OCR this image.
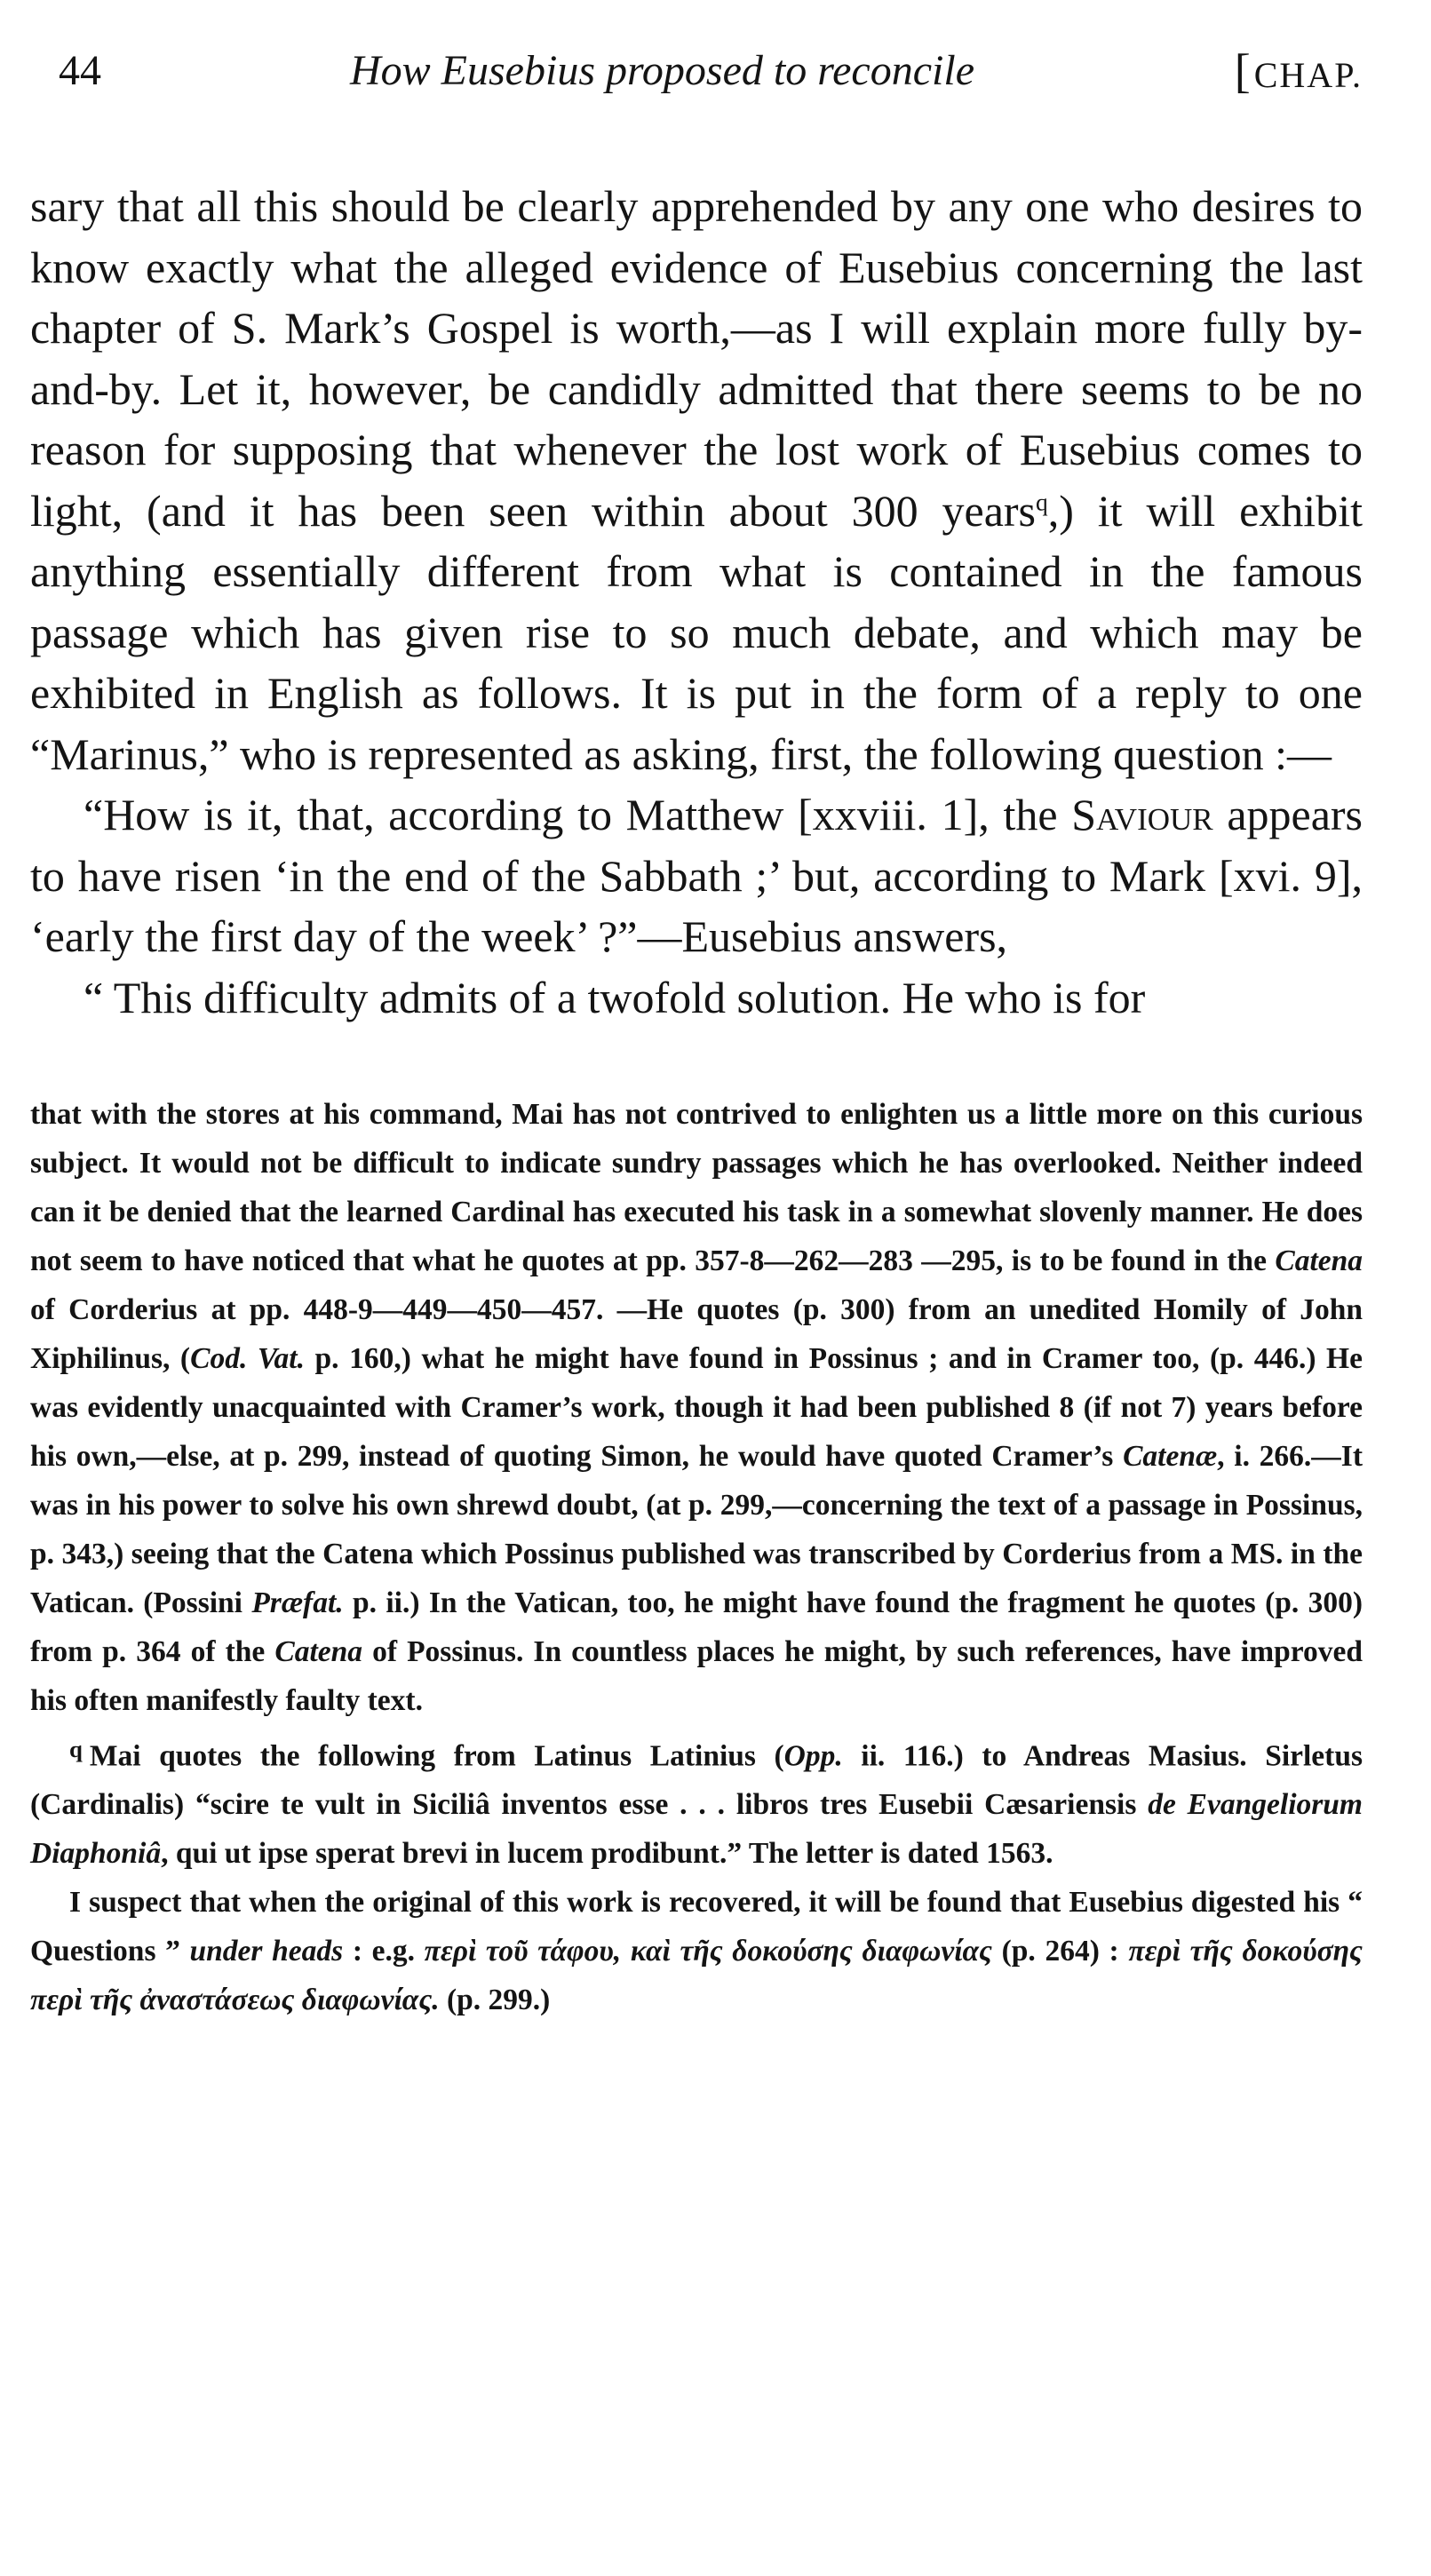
44	How Eusebius proposed to reconcile	[CHAP.

sary that all this should be clearly apprehended by any one who desires to know exactly what the alleged evidence of Eusebius concerning the last chapter of S. Mark’s Gospel is worth,—as I will explain more fully by-and-by. Let it, however, be candidly admitted that there seems to be no reason for supposing that whenever the lost work of Eusebius comes to light, (and it has been seen within about 300 years$^q$,) it will exhibit anything essentially different from what is contained in the famous passage which has given rise to so much debate, and which may be exhibited in English as follows. It is put in the form of a reply to one “Marinus,” who is represented as asking, first, the following question :—

“How is it, that, according to Matthew [xxviii. 1], the Saviour appears to have risen ‘in the end of the Sabbath ;’ but, according to Mark [xvi. 9], ‘early the first day of the week’ ?”—Eusebius answers,

“ This difficulty admits of a twofold solution. He who is for

that with the stores at his command, Mai has not contrived to enlighten us a little more on this curious subject. It would not be difficult to indicate sundry passages which he has overlooked. Neither indeed can it be denied that the learned Cardinal has executed his task in a somewhat slovenly manner. He does not seem to have noticed that what he quotes at pp. 357-8—262—283 —295, is to be found in the Catena of Corderius at pp. 448-9—449—450—457. —He quotes (p. 300) from an unedited Homily of John Xiphilinus, (Cod. Vat. p. 160,) what he might have found in Possinus ; and in Cramer too, (p. 446.) He was evidently unacquainted with Cramer’s work, though it had been published 8 (if not 7) years before his own,—else, at p. 299, instead of quoting Simon, he would have quoted Cramer’s Catenæ, i. 266.—It was in his power to solve his own shrewd doubt, (at p. 299,—concerning the text of a passage in Possinus, p. 343,) seeing that the Catena which Possinus published was transcribed by Corderius from a MS. in the Vatican. (Possini Præfat. p. ii.) In the Vatican, too, he might have found the fragment he quotes (p. 300) from p. 364 of the Catena of Possinus. In countless places he might, by such references, have improved his often manifestly faulty text.

$^q$ Mai quotes the following from Latinus Latinius (Opp. ii. 116.) to Andreas Masius. Sirletus (Cardinalis) “scire te vult in Siciliâ inventos esse . . . libros tres Eusebii Cæsariensis de Evangeliorum Diaphoniâ, qui ut ipse sperat brevi in lucem prodibunt.” The letter is dated 1563.

I suspect that when the original of this work is recovered, it will be found that Eusebius digested his “ Questions ” under heads : e.g. περὶ τοῦ τάφου, καὶ τῆς δοκούσης διαφωνίας (p. 264) : περὶ τῆς δοκούσης περὶ τῆς ἀναστάσεως διαφωνίας. (p. 299.)
